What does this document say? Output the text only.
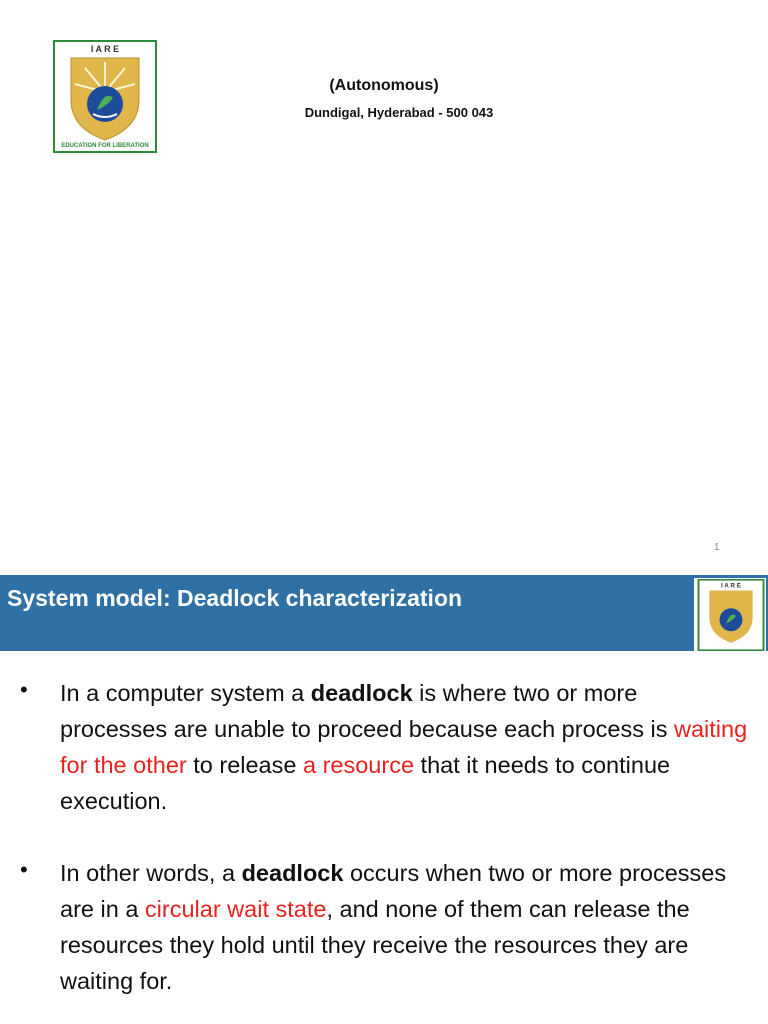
I A R E
EDUCATION FOR LIBERATION
(Autonomous)
Dundigal, Hyderabad - 500 043
1
System model: Deadlock characterization	I A R E
• In a computer system a deadlock is where two or more processes are unable to proceed because each process is waiting for the other to release a resource that it needs to continue execution.
• In other words, a deadlock occurs when two or more processes are in a circular wait state, and none of them can release the resources they hold until they receive the resources they are waiting for.
